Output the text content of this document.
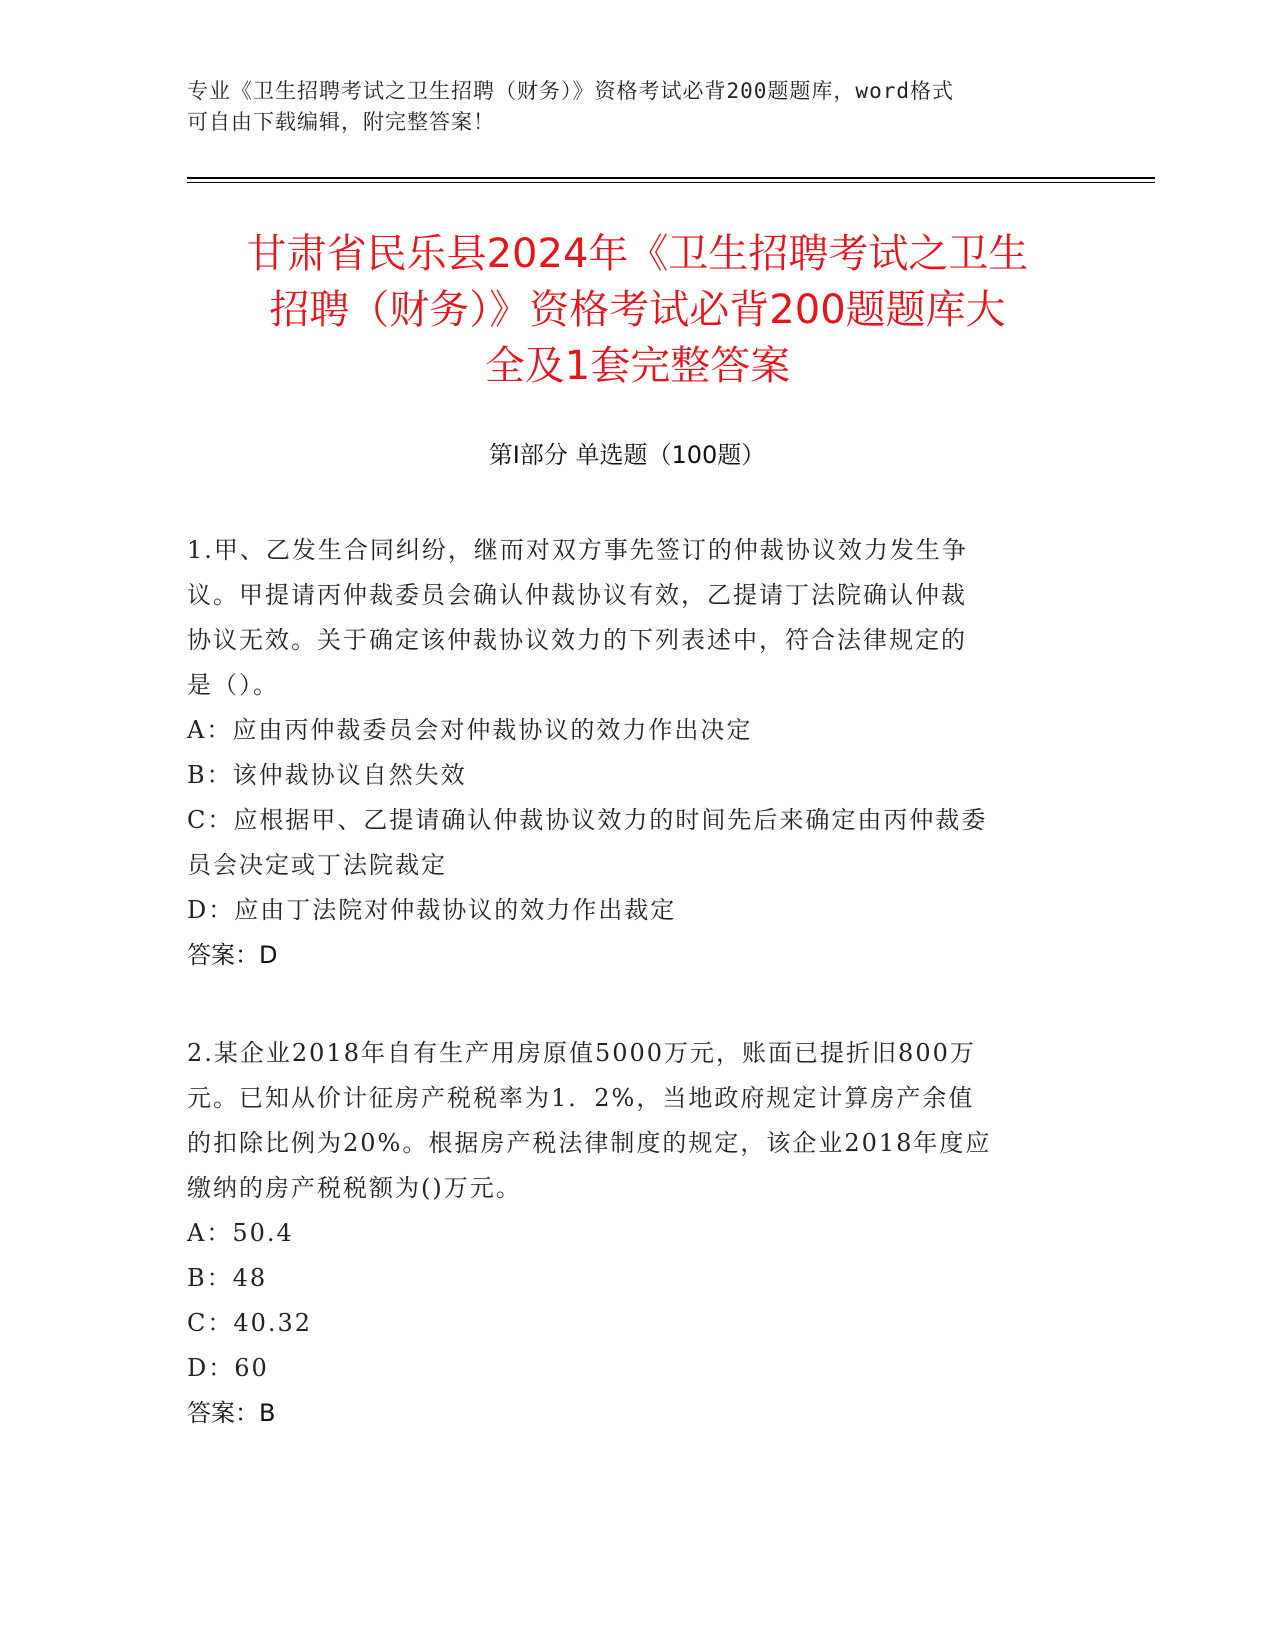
专业《卫生招聘考试之卫生招聘（财务）》资格考试必背200题题库，word格式
可自由下载编辑，附完整答案！
甘肃省民乐县2024年《卫生招聘考试之卫生
招聘（财务）》资格考试必背200题题库大
全及1套完整答案
第Ⅰ部分 单选题（100题）
1.甲、乙发生合同纠纷，继而对双方事先签订的仲裁协议效力发生争
议。甲提请丙仲裁委员会确认仲裁协议有效，乙提请丁法院确认仲裁
协议无效。关于确定该仲裁协议效力的下列表述中，符合法律规定的
是（）。
A：应由丙仲裁委员会对仲裁协议的效力作出决定
B：该仲裁协议自然失效
C：应根据甲、乙提请确认仲裁协议效力的时间先后来确定由丙仲裁委
员会决定或丁法院裁定
D：应由丁法院对仲裁协议的效力作出裁定
答案：D
2.某企业2018年自有生产用房原值5000万元，账面已提折旧800万
元。已知从价计征房产税税率为1．2%，当地政府规定计算房产余值
的扣除比例为20%。根据房产税法律制度的规定，该企业2018年度应
缴纳的房产税税额为()万元。
A：50.4
B：48
C：40.32
D：60
答案：B
